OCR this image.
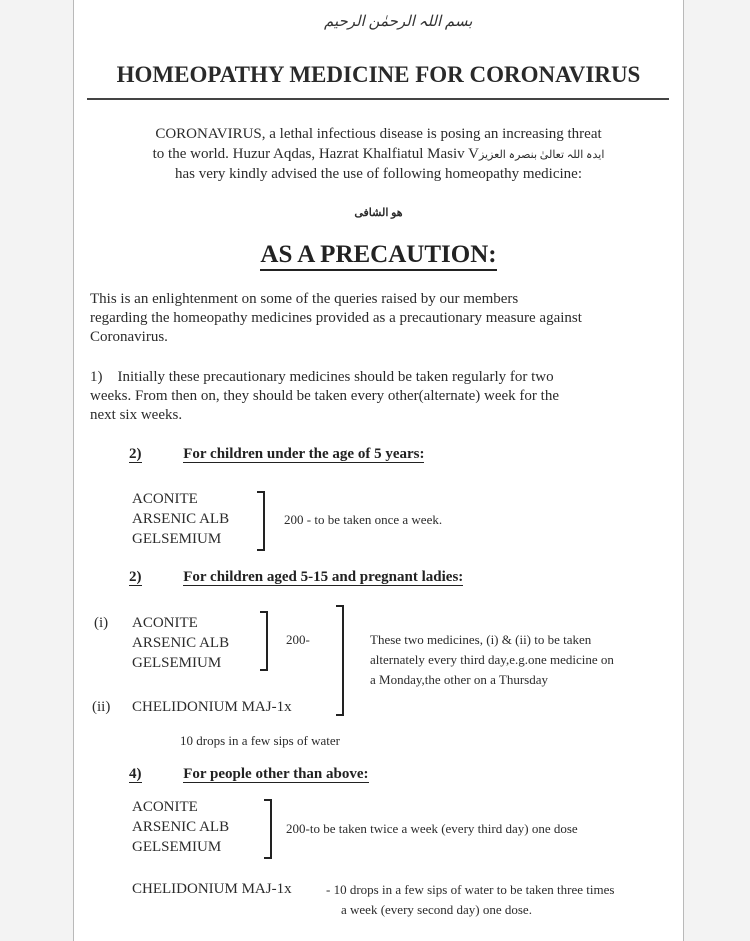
بسم اللہ الرحمٰن الرحیم
HOMEOPATHY MEDICINE FOR CORONAVIRUS
CORONAVIRUS, a lethal infectious disease is posing an increasing threat
to the world. Huzur Aqdas, Hazrat Khalfiatul Masiv Vایدہ اللہ تعالیٰ بنصرہ العزیز
has very kindly advised the use of following homeopathy medicine:
ھو الشافی
AS A PRECAUTION:
This is an enlightenment on some of the queries raised by our members
regarding the homeopathy medicines provided as a precautionary measure against
Coronavirus.
1)    Initially these precautionary medicines should be taken regularly for two
weeks. From then on, they should be taken every other(alternate) week for the
next six weeks.
2)	For children under the age of 5 years:
ACONITE
ARSENIC ALB
GELSEMIUM
200 - to be taken once a week.
2)	For children aged 5-15 and pregnant ladies:
(i) ACONITE
ARSENIC ALB
GELSEMIUM
200-	These two medicines, (i) & (ii) to be taken
alternately every third day,e.g.one medicine on
a Monday,the other on a Thursday
(ii) CHELIDONIUM MAJ-1x
10 drops in a few sips of water
4)	For people other than above:
ACONITE
ARSENIC ALB
GELSEMIUM
200-to be taken twice a week (every third day) one dose
CHELIDONIUM MAJ-1x	- 10 drops in a few sips of water to be taken three times
a week (every second day) one dose.
